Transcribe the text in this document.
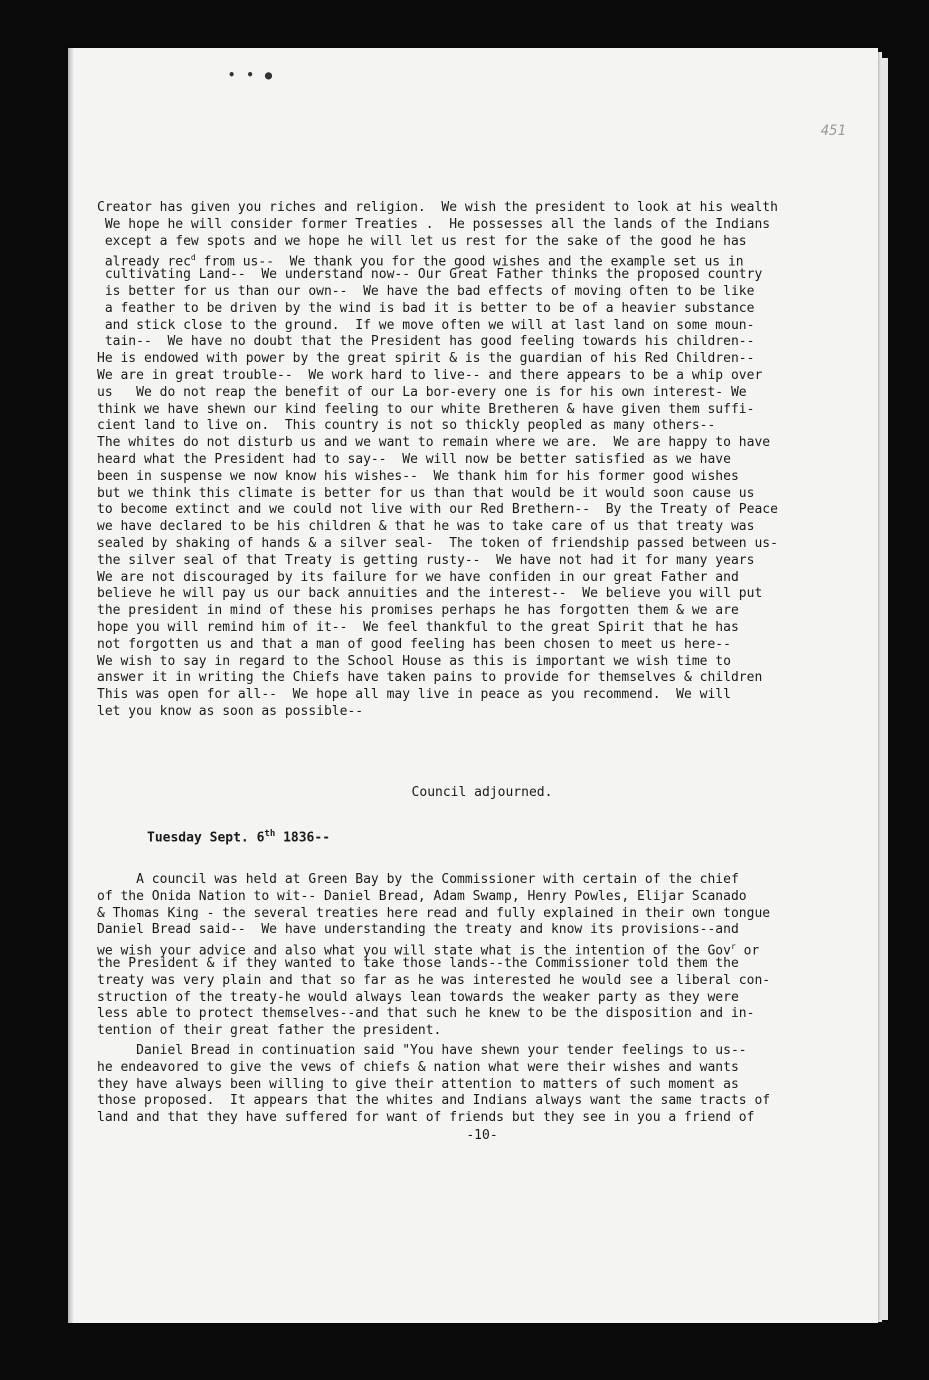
• • ●
451
Creator has given you riches and religion.  We wish the president to look at his wealth
We hope he will consider former Treaties .  He possesses all the lands of the Indians
except a few spots and we hope he will let us rest for the sake of the good he has
already rec$^d$ from us--  We thank you for the good wishes and the example set us in
cultivating Land--  We understand now-- Our Great Father thinks the proposed country
is better for us than our own--  We have the bad effects of moving often to be like
a feather to be driven by the wind is bad it is better to be of a heavier substance
and stick close to the ground.  If we move often we will at last land on some moun-
tain--  We have no doubt that the President has good feeling towards his children--
He is endowed with power by the great spirit & is the guardian of his Red Children--
We are in great trouble--  We work hard to live-- and there appears to be a whip over
us   We do not reap the benefit of our La bor-every one is for his own interest- We
think we have shewn our kind feeling to our white Bretheren & have given them suffi-
cient land to live on.  This country is not so thickly peopled as many others--
The whites do not disturb us and we want to remain where we are.  We are happy to have
heard what the President had to say--  We will now be better satisfied as we have
been in suspense we now know his wishes--  We thank him for his former good wishes
but we think this climate is better for us than that would be it would soon cause us
to become extinct and we could not live with our Red Brethern--  By the Treaty of Peace
we have declared to be his children & that he was to take care of us that treaty was
sealed by shaking of hands & a silver seal-  The token of friendship passed between us-
the silver seal of that Treaty is getting rusty--  We have not had it for many years
We are not discouraged by its failure for we have confiden in our great Father and
believe he will pay us our back annuities and the interest--  We believe you will put
the president in mind of these his promises perhaps he has forgotten them & we are
hope you will remind him of it--  We feel thankful to the great Spirit that he has
not forgotten us and that a man of good feeling has been chosen to meet us here--
We wish to say in regard to the School House as this is important we wish time to
answer it in writing the Chiefs have taken pains to provide for themselves & children
This was open for all--  We hope all may live in peace as you recommend.  We will
let you know as soon as possible--
Council adjourned.
Tuesday Sept. 6th 1836--
A council was held at Green Bay by the Commissioner with certain of the chief
of the Onida Nation to wit-- Daniel Bread, Adam Swamp, Henry Powles, Elijar Scanado
& Thomas King - the several treaties here read and fully explained in their own tongue
Daniel Bread said--  We have understanding the treaty and know its provisions--and
we wish your advice and also what you will state what is the intention of the Gov$^r$ or
the President & if they wanted to take those lands--the Commissioner told them the
treaty was very plain and that so far as he was interested he would see a liberal con-
struction of the treaty-he would always lean towards the weaker party as they were
less able to protect themselves--and that such he knew to be the disposition and in-
tention of their great father the president.
Daniel Bread in continuation said "You have shewn your tender feelings to us--
he endeavored to give the vews of chiefs & nation what were their wishes and wants
they have always been willing to give their attention to matters of such moment as
those proposed.  It appears that the whites and Indians always want the same tracts of
land and that they have suffered for want of friends but they see in you a friend of
-10-
